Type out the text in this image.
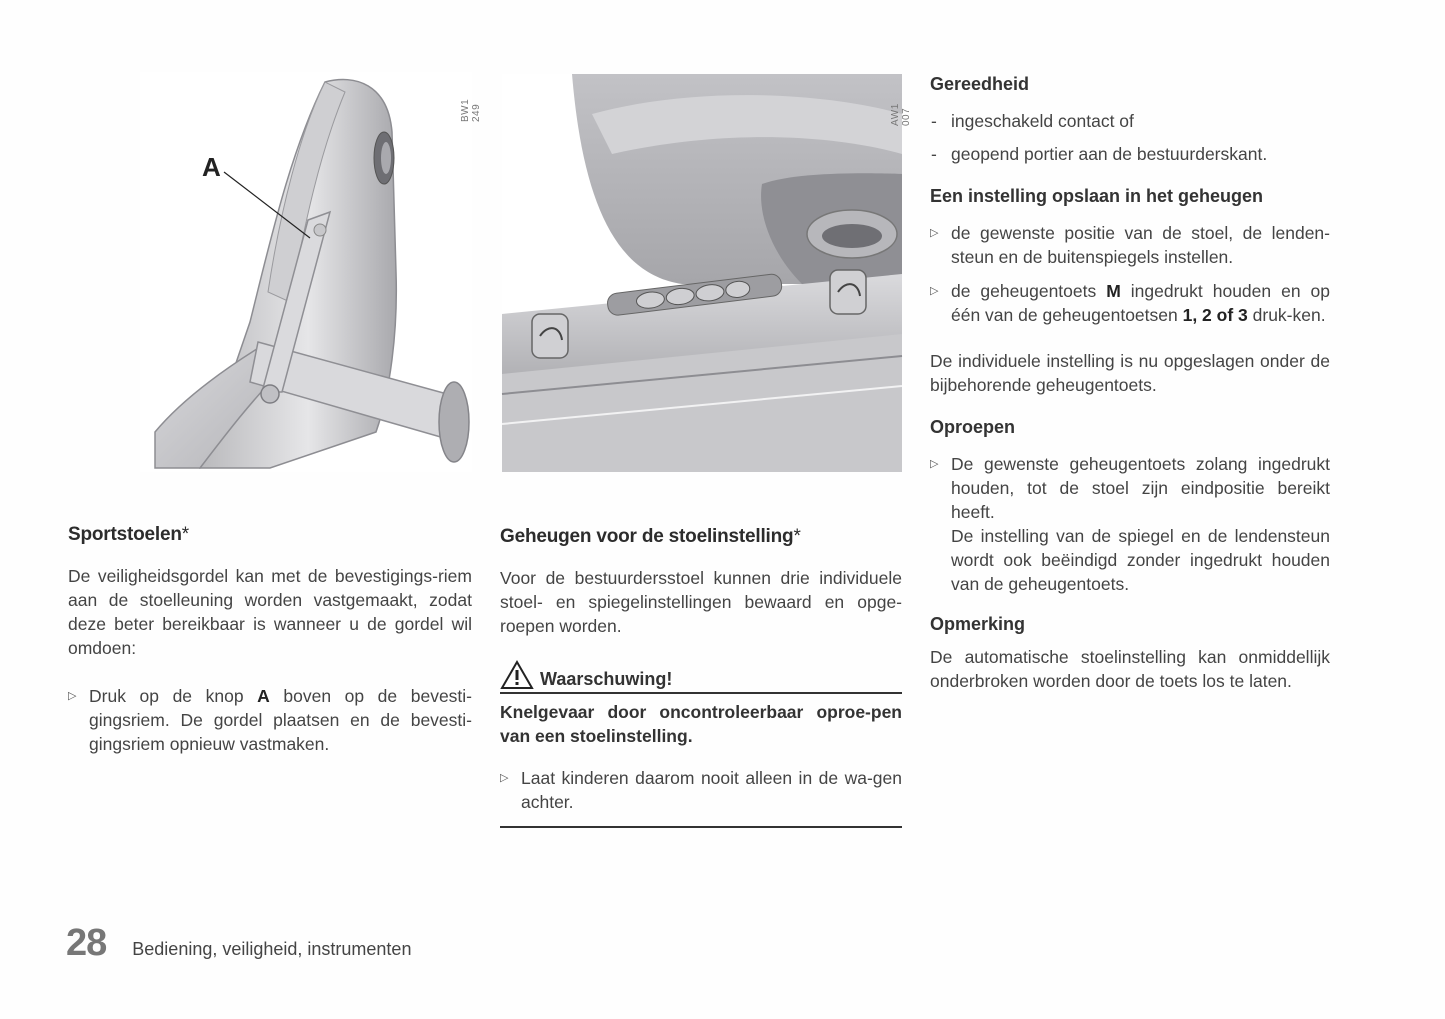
A
BW1 249	AW1 007
Sportstoelen*
De veiligheidsgordel kan met de bevestigings-riem aan de stoelleuning worden vastgemaakt, zodat deze beter bereikbaar is wanneer u de gordel wil omdoen:
▷ Druk op de knop A boven op de bevesti-gingsriem. De gordel plaatsen en de bevesti-gingsriem opnieuw vastmaken.
Geheugen voor de stoelinstelling*
Voor de bestuurdersstoel kunnen drie individuele stoel- en spiegelinstellingen bewaard en opge-roepen worden.
Waarschuwing!
Knelgevaar door oncontroleerbaar oproe-pen van een stoelinstelling.
▷ Laat kinderen daarom nooit alleen in de wa-gen achter.
Gereedheid
- ingeschakeld contact of
- geopend portier aan de bestuurderskant.
Een instelling opslaan in het geheugen
▷ de gewenste positie van de stoel, de lenden-steun en de buitenspiegels instellen.
▷ de geheugentoets M ingedrukt houden en op één van de geheugentoetsen 1, 2 of 3 druk-ken.
De individuele instelling is nu opgeslagen onder de bijbehorende geheugentoets.
Oproepen
▷ De gewenste geheugentoets zolang ingedrukt houden, tot de stoel zijn eindpositie bereikt heeft.
De instelling van de spiegel en de lendensteun wordt ook beëindigd zonder ingedrukt houden van de geheugentoets.
Opmerking
De automatische stoelinstelling kan onmiddellijk onderbroken worden door de toets los te laten.
28 Bediening, veiligheid, instrumenten
